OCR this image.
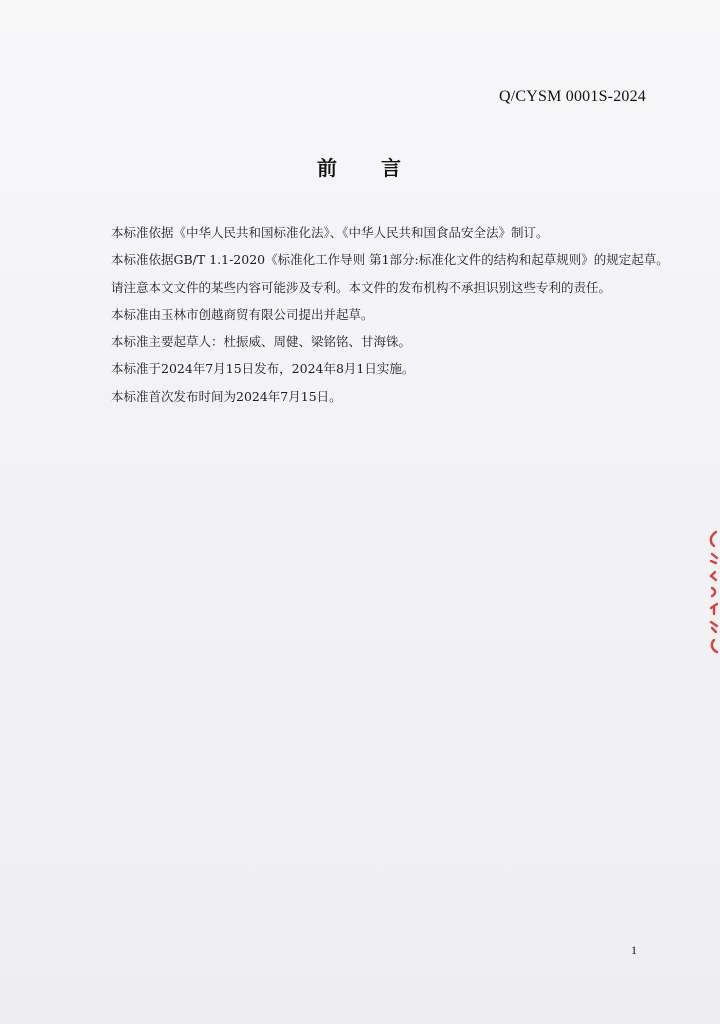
Q/CYSM 0001S-2024
前 言
本标准依据《中华人民共和国标准化法》、《中华人民共和国食品安全法》制订。
本标准依据GB/T 1.1-2020《标准化工作导则 第1部分:标准化文件的结构和起草规则》的规定起草。
请注意本文文件的某些内容可能涉及专利。本文件的发布机构不承担识别这些专利的责任。
本标准由玉林市创越商贸有限公司提出并起草。
本标准主要起草人：杜振威、周健、梁铭铭、甘海铢。
本标准于2024年7月15日发布，2024年8月1日实施。
本标准首次发布时间为2024年7月15日。
1
